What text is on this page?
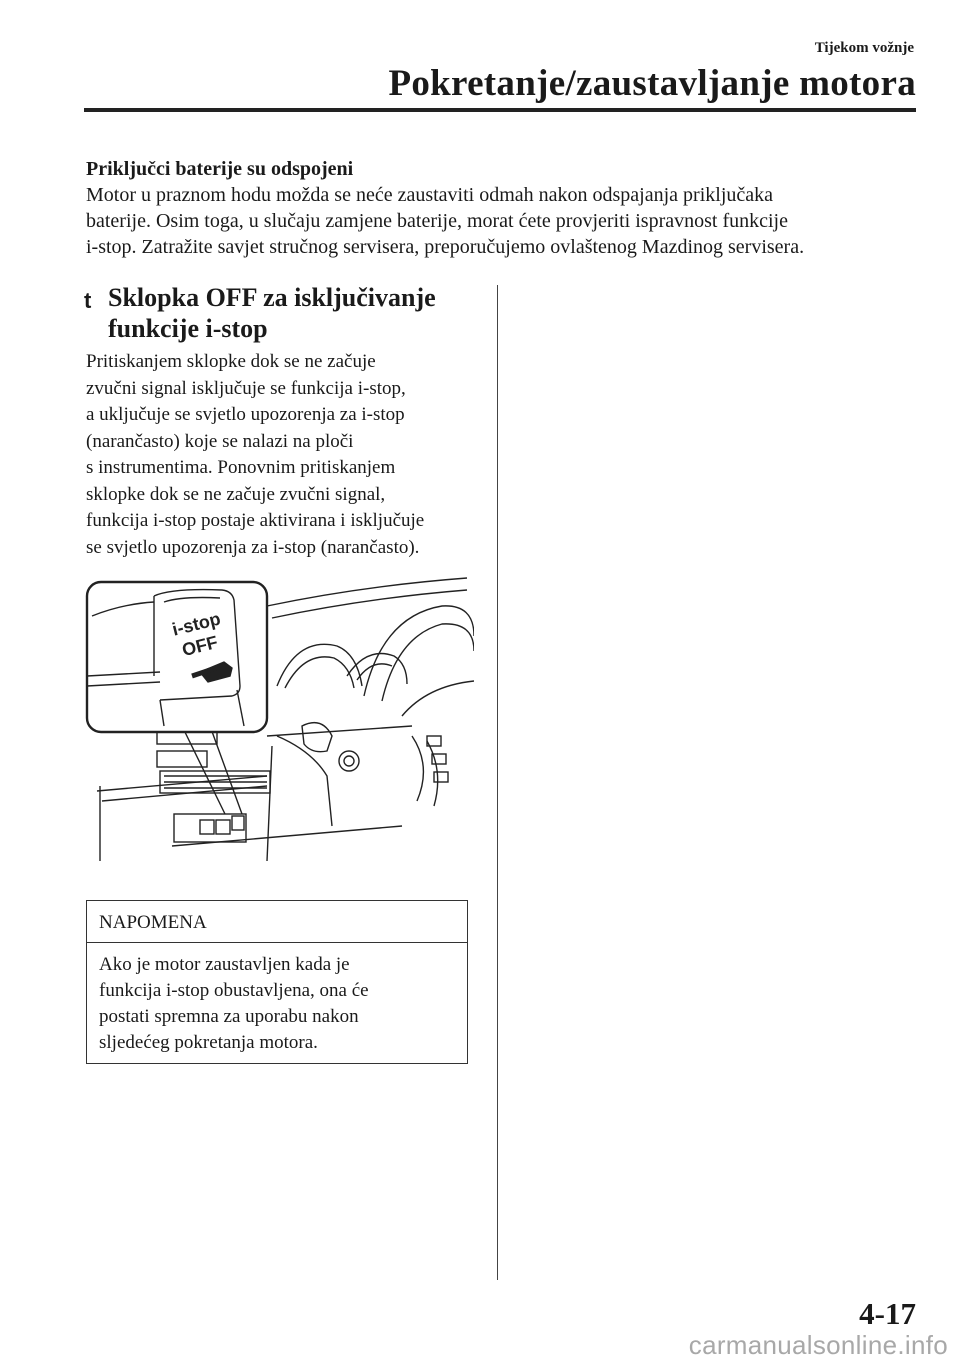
Tijekom vožnje
Pokretanje/zaustavljanje motora
Priključci baterije su odspojeni

Motor u praznom hodu možda se neće zaustaviti odmah nakon odspajanja priključaka

baterije. Osim toga, u slučaju zamjene baterije, morat ćete provjeriti ispravnost funkcije

i-stop. Zatražite savjet stručnog servisera, preporučujemo ovlaštenog Mazdinog servisera.

t Sklopka OFF za isključivanje
funkcije i-stop

Pritiskanjem sklopke dok se ne začuje

zvučni signal isključuje se funkcija i-stop,

a uključuje se svjetlo upozorenja za i-stop

(narančasto) koje se nalazi na ploči

s instrumentima. Ponovnim pritiskanjem

sklopke dok se ne začuje zvučni signal,

funkcija i-stop postaje aktivirana i isključuje

se svjetlo upozorenja za i-stop (narančasto).

i-stop
OFF
NAPOMENA

Ako je motor zaustavljen kada je

funkcija i-stop obustavljena, ona će

postati spremna za uporabu nakon

sljedećeg pokretanja motora.

4-17
carmanualsonline.info
